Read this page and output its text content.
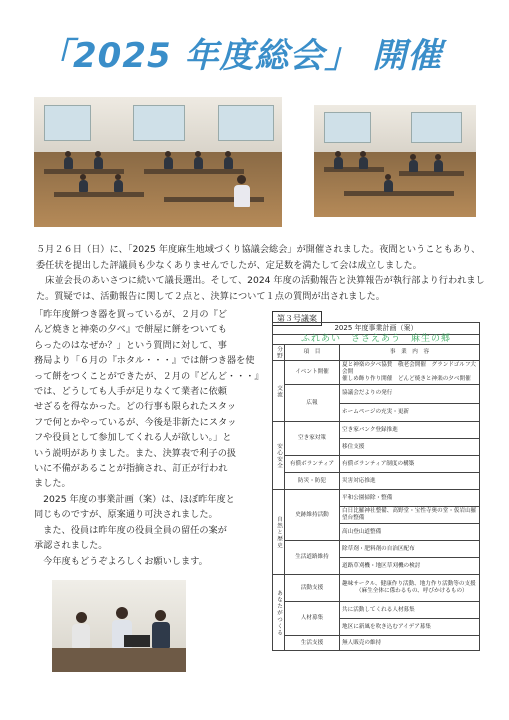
「2025 年度総会」 開催
５月２６日（日）に、「2025 年度麻生地域づくり協議会総会」が開催されました。夜間ということもあり、
委任状を提出した評議員も少なくありませんでしたが、定足数を満たして会は成立しました。
　床並会長のあいさつに続いて議長選出。そして、2024 年度の活動報告と決算報告が執行部より行われまし
た。質疑では、活動報告に関して２点と、決算について１点の質問が出されました。
「昨年度餅つき器を買っているが、２月の『ど
んど焼きと神楽の夕べ』で餅屋に餅をついても
らったのはなぜか？」という質問に対して、事
務局より「６月の『ホタル・・・』では餅つき器を使
って餅をつくことができたが、２月の『どんど・・・』
では、どうしても人手が足りなくて業者に依頼
せざるを得なかった。どの行事も限られたスタッ
フで何とかやっているが、今後是非新たにスタッ
フや役員として参加してくれる人が欲しい。」と
いう説明がありました。また、決算表で利子の扱
いに不備があることが指摘され、訂正が行われ
ました。
　2025 年度の事業計画（案）は、ほぼ昨年度と
同じものですが、原案通り可決されました。
　また、役員は昨年度の役員全員の留任の案が
承認されました。
　今年度もどうぞよろしくお願いします。
第３号議案
2025 年度事業計画（案）		
ふれあい　ささえあう　麻生の郷		
分野	項　目	事　業　内　容
交流	イベント開催	夏と神楽の夕べ協賛　敬老会開催　グランドゴルフ大会開
催しめ飾り作り開催　どんど焼きと神楽の夕べ開催

	広報	協議会だよりの発行
		ホームページの充実・更新
安心安全	空き家対策	空き家バンク登録推進
		移住支援
	有償ボランティア	有償ボランティア制度の構築
	防災・防犯	災害対応推進
自然と歴史	史跡維持活動	平和公園掃除・整備
		白日比羅神社整備、高野堂・宝性寺奥の堂・仮岩山羅望台整備
		高山登山道整備
	生活道路維持	除草剤・肥料剤の自治区配布
		道路草刈機・地区草刈機の検討
あなたがつくる	活動支援	趣味サークル、健康作り活動、地力作り活動等の支援
（麻生全体に係わるもの、呼びかけるもの）

	人材募集	共に活動してくれる人材募集
		地区に新風を吹き込むアイデア募集
	生活支援	無人販売の維持
